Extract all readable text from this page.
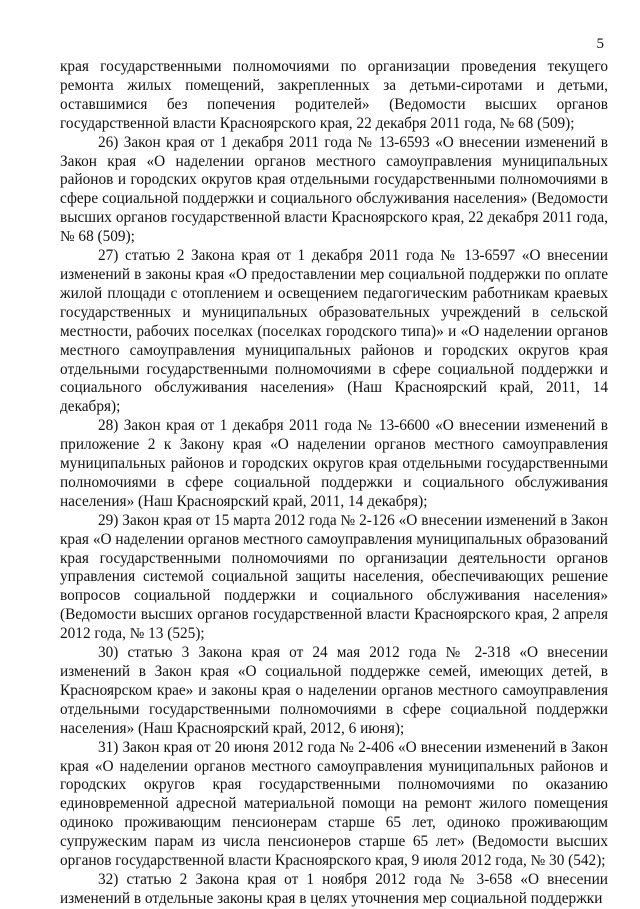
5

края государственными полномочиями по организации проведения текущего ремонта жилых помещений, закрепленных за детьми-сиротами и детьми, оставшимися без попечения родителей» (Ведомости высших органов государственной власти Красноярского края, 22 декабря 2011 года, № 68 (509);

26) Закон края от 1 декабря 2011 года № 13-6593 «О внесении изменений в Закон края «О наделении органов местного самоуправления муниципальных районов и городских округов края отдельными государственными полномочиями в сфере социальной поддержки и социального обслуживания населения» (Ведомости высших органов государственной власти Красноярского края, 22 декабря 2011 года, № 68 (509);

27) статью 2 Закона края от 1 декабря 2011 года № 13-6597 «О внесении изменений в законы края «О предоставлении мер социальной поддержки по оплате жилой площади с отоплением и освещением педагогическим работникам краевых государственных и муниципальных образовательных учреждений в сельской местности, рабочих поселках (поселках городского типа)» и «О наделении органов местного самоуправления муниципальных районов и городских округов края отдельными государственными полномочиями в сфере социальной поддержки и социального обслуживания населения» (Наш Красноярский край, 2011, 14 декабря);

28) Закон края от 1 декабря 2011 года № 13-6600 «О внесении изменений в приложение 2 к Закону края «О наделении органов местного самоуправления муниципальных районов и городских округов края отдельными государственными полномочиями в сфере социальной поддержки и социального обслуживания населения» (Наш Красноярский край, 2011, 14 декабря);

29) Закон края от 15 марта 2012 года № 2-126 «О внесении изменений в Закон края «О наделении органов местного самоуправления муниципальных образований края государственными полномочиями по организации деятельности органов управления системой социальной защиты населения, обеспечивающих решение вопросов социальной поддержки и социального обслуживания населения» (Ведомости высших органов государственной власти Красноярского края, 2 апреля 2012 года, № 13 (525);

30) статью 3 Закона края от 24 мая 2012 года № 2-318 «О внесении изменений в Закон края «О социальной поддержке семей, имеющих детей, в Красноярском крае» и законы края о наделении органов местного самоуправления отдельными государственными полномочиями в сфере социальной поддержки населения» (Наш Красноярский край, 2012, 6 июня);

31) Закон края от 20 июня 2012 года № 2-406 «О внесении изменений в Закон края «О наделении органов местного самоуправления муниципальных районов и городских округов края государственными полномочиями по оказанию единовременной адресной материальной помощи на ремонт жилого помещения одиноко проживающим пенсионерам старше 65 лет, одиноко проживающим супружеским парам из числа пенсионеров старше 65 лет» (Ведомости высших органов государственной власти Красноярского края, 9 июля 2012 года, № 30 (542);

32) статью 2 Закона края от 1 ноября 2012 года № 3-658 «О внесении изменений в отдельные законы края в целях уточнения мер социальной поддержки
